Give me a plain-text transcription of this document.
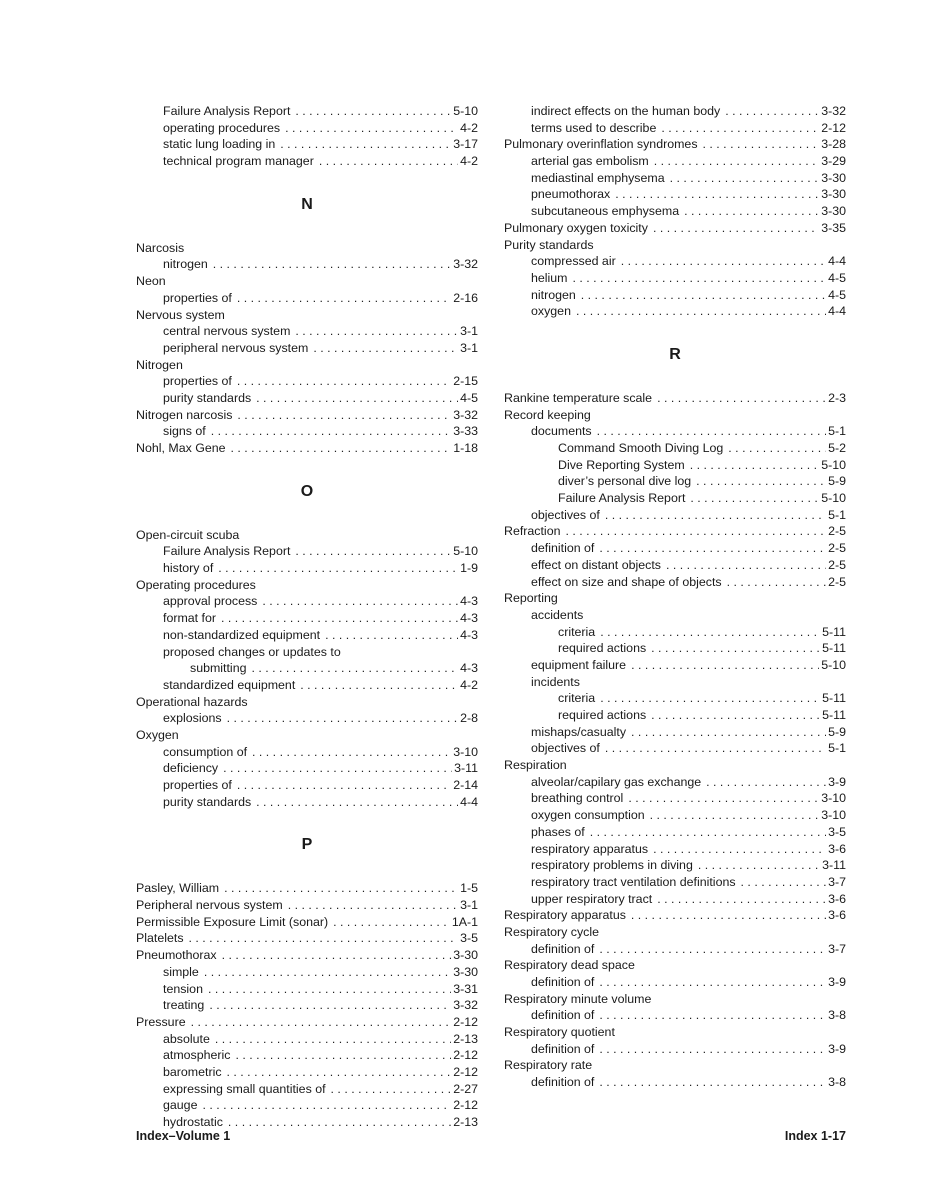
Failure Analysis Report . . .	5-10
operating procedures . . .	4-2
static lung loading in . . .	3-17
technical program manager . . .	4-2
N
Narcosis
nitrogen . . .	3-32
Neon
properties of . . .	2-16
Nervous system
central nervous system . . .	3-1
peripheral nervous system . . .	3-1
Nitrogen
properties of . . .	2-15
purity standards . . .	4-5
Nitrogen narcosis . . .	3-32
signs of . . .	3-33
Nohl, Max Gene . . .	1-18
O
Open-circuit scuba
Failure Analysis Report . . .	5-10
history of . . .	1-9
Operating procedures
approval process . . .	4-3
format for . . .	4-3
non-standardized equipment . . .	4-3
proposed changes or updates to
submitting . . .	4-3
standardized equipment . . .	4-2
Operational hazards
explosions . . .	2-8
Oxygen
consumption of . . .	3-10
deficiency . . .	3-11
properties of . . .	2-14
purity standards . . .	4-4
P
Pasley, William . . .	1-5
Peripheral nervous system . . .	3-1
Permissible Exposure Limit (sonar) . . .	1A-1
Platelets . . .	3-5
Pneumothorax . . .	3-30
simple . . .	3-30
tension . . .	3-31
treating . . .	3-32
Pressure . . .	2-12
absolute . . .	2-13
atmospheric . . .	2-12
barometric . . .	2-12
expressing small quantities of . . .	2-27
gauge . . .	2-12
hydrostatic . . .	2-13
indirect effects on the human body . . .	3-32
terms used to describe . . .	2-12
Pulmonary overinflation syndromes . . .	3-28
arterial gas embolism . . .	3-29
mediastinal emphysema . . .	3-30
pneumothorax . . .	3-30
subcutaneous emphysema . . .	3-30
Pulmonary oxygen toxicity . . .	3-35
Purity standards
compressed air . . .	4-4
helium . . .	4-5
nitrogen . . .	4-5
oxygen . . .	4-4
R
Rankine temperature scale . . .	2-3
Record keeping
documents . . .	5-1
Command Smooth Diving Log . . .	5-2
Dive Reporting System . . .	5-10
diver’s personal dive log . . .	5-9
Failure Analysis Report . . .	5-10
objectives of . . .	5-1
Refraction . . .	2-5
definition of . . .	2-5
effect on distant objects . . .	2-5
effect on size and shape of objects . . .	2-5
Reporting
accidents
criteria . . .	5-11
required actions . . .	5-11
equipment failure . . .	5-10
incidents
criteria . . .	5-11
required actions . . .	5-11
mishaps/casualty . . .	5-9
objectives of . . .	5-1
Respiration
alveolar/capilary gas exchange . . .	3-9
breathing control . . .	3-10
oxygen consumption . . .	3-10
phases of . . .	3-5
respiratory apparatus . . .	3-6
respiratory problems in diving . . .	3-11
respiratory tract ventilation definitions . . .	3-7
upper respiratory tract . . .	3-6
Respiratory apparatus . . .	3-6
Respiratory cycle
definition of . . .	3-7
Respiratory dead space
definition of . . .	3-9
Respiratory minute volume
definition of . . .	3-8
Respiratory quotient
definition of . . .	3-9
Respiratory rate
definition of . . .	3-8
Index–Volume 1	Index 1-17
